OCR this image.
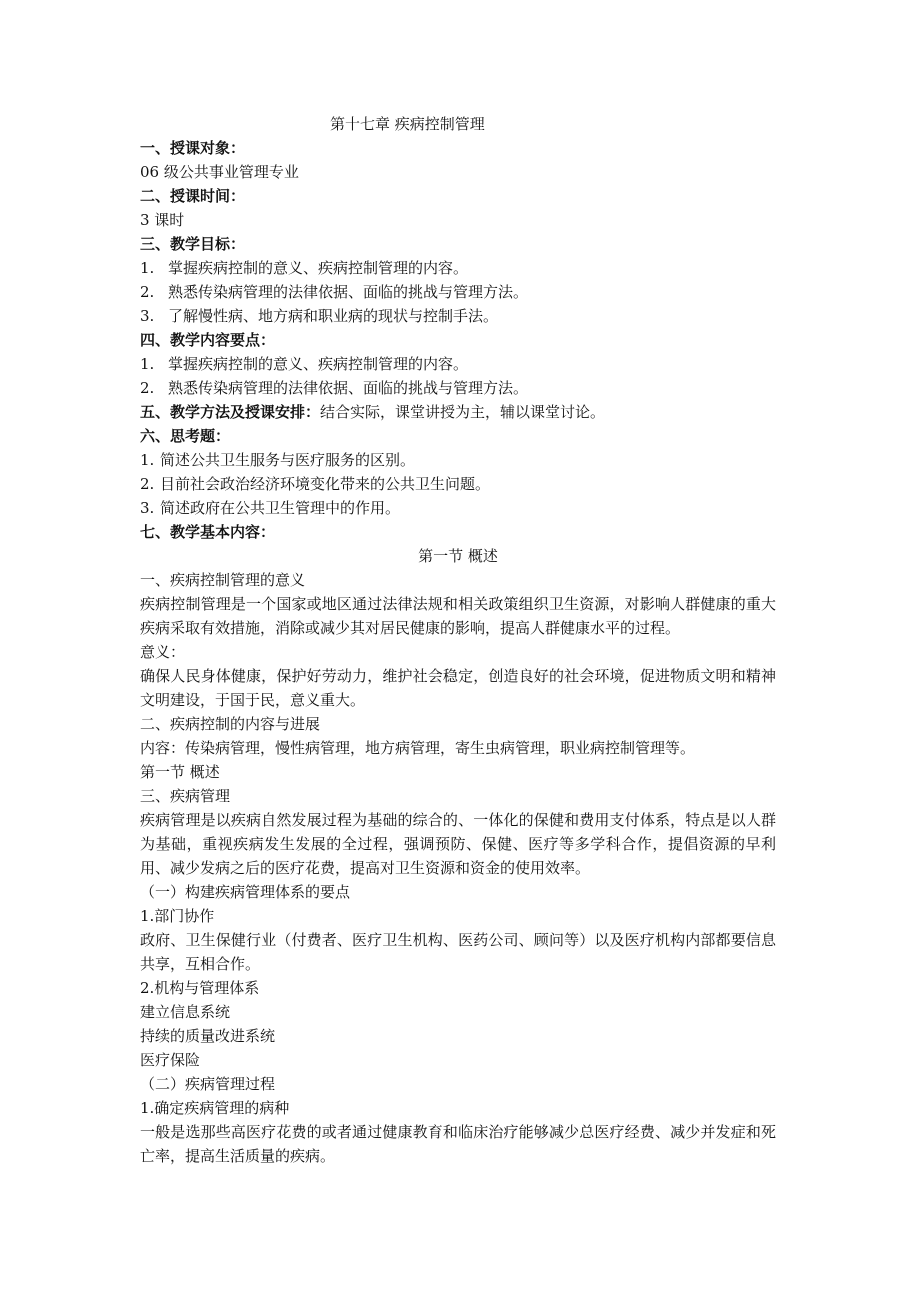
第十七章 疾病控制管理
一、授课对象：
06 级公共事业管理专业
二、授课时间：
3 课时
三、教学目标：
1. 掌握疾病控制的意义、疾病控制管理的内容。
2. 熟悉传染病管理的法律依据、面临的挑战与管理方法。
3. 了解慢性病、地方病和职业病的现状与控制手法。
四、教学内容要点：
1. 掌握疾病控制的意义、疾病控制管理的内容。
2. 熟悉传染病管理的法律依据、面临的挑战与管理方法。
五、教学方法及授课安排：结合实际，课堂讲授为主，辅以课堂讨论。
六、思考题：
1. 简述公共卫生服务与医疗服务的区别。
2. 目前社会政治经济环境变化带来的公共卫生问题。
3. 简述政府在公共卫生管理中的作用。
七、教学基本内容：
第一节 概述
一、疾病控制管理的意义
疾病控制管理是一个国家或地区通过法律法规和相关政策组织卫生资源，对影响人群健康的重大疾病采取有效措施，消除或减少其对居民健康的影响，提高人群健康水平的过程。
意义：
确保人民身体健康，保护好劳动力，维护社会稳定，创造良好的社会环境，促进物质文明和精神文明建设，于国于民，意义重大。
二、疾病控制的内容与进展
内容：传染病管理，慢性病管理，地方病管理，寄生虫病管理，职业病控制管理等。
第一节 概述
三、疾病管理
疾病管理是以疾病自然发展过程为基础的综合的、一体化的保健和费用支付体系，特点是以人群为基础，重视疾病发生发展的全过程，强调预防、保健、医疗等多学科合作，提倡资源的早利用、减少发病之后的医疗花费，提高对卫生资源和资金的使用效率。
（一）构建疾病管理体系的要点
1.部门协作
政府、卫生保健行业（付费者、医疗卫生机构、医药公司、顾问等）以及医疗机构内部都要信息共享，互相合作。
2.机构与管理体系
建立信息系统
持续的质量改进系统
医疗保险
（二）疾病管理过程
1.确定疾病管理的病种
一般是选那些高医疗花费的或者通过健康教育和临床治疗能够减少总医疗经费、减少并发症和死亡率，提高生活质量的疾病。
